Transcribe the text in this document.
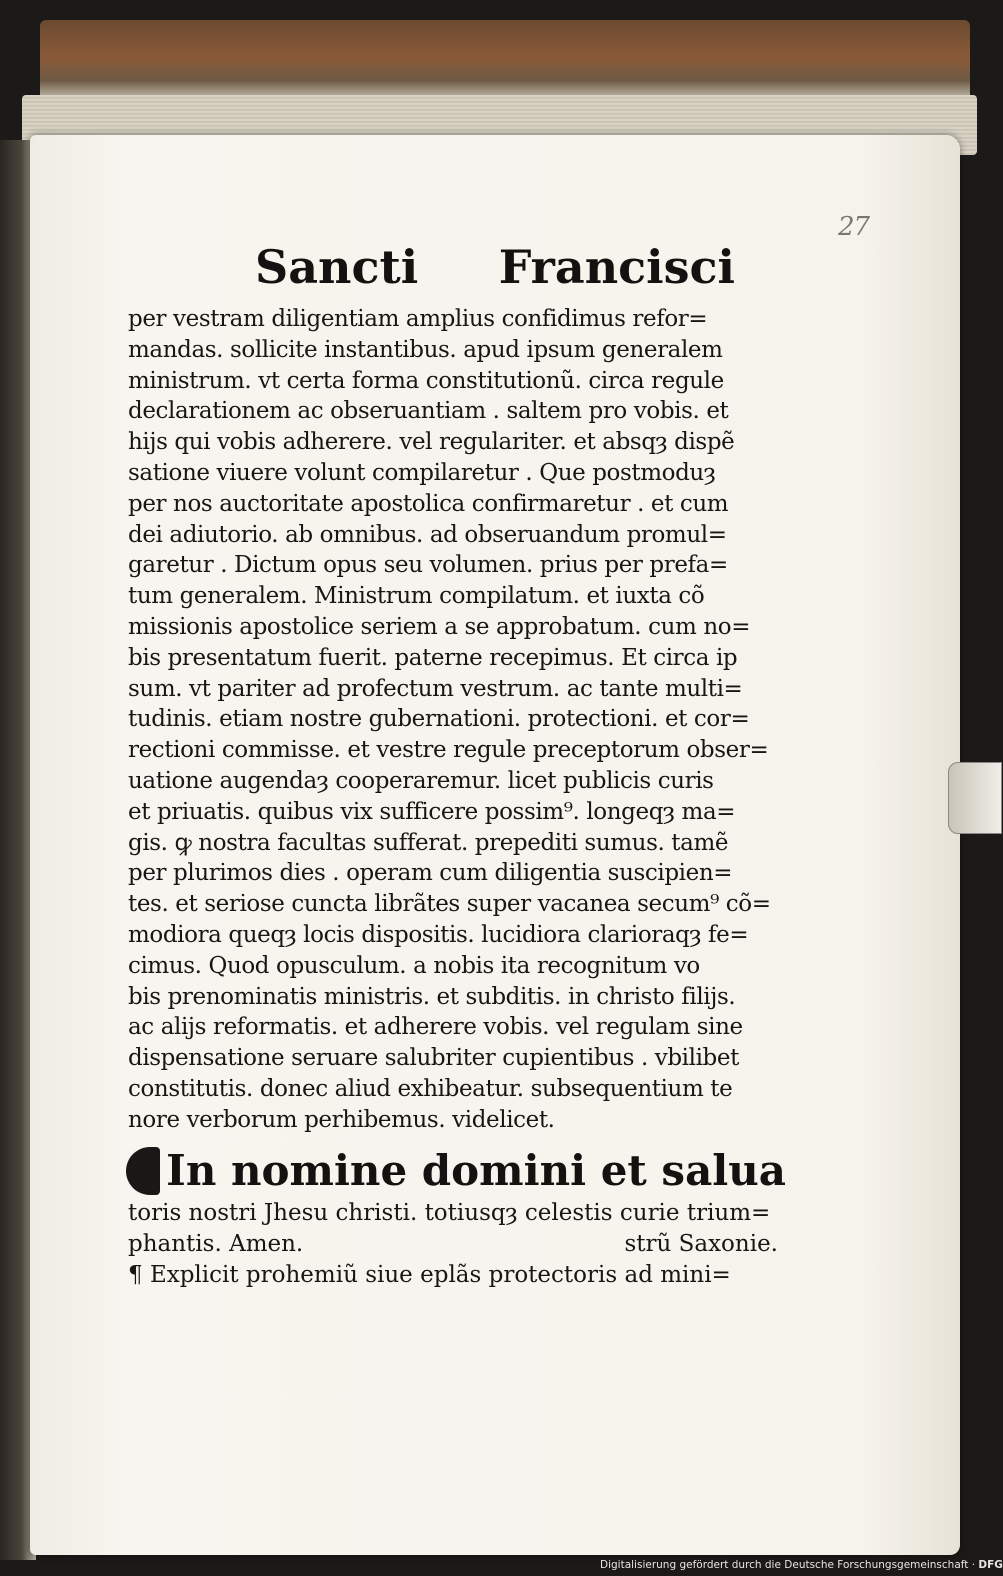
27
Sancti Francisci
per vestram diligentiam amplius confidimus refor=
mandas. sollicite instantibus. apud ipsum generalem
ministrum. vt certa forma constitutionũ. circa regule
declarationem ac obseruantiam . saltem pro vobis. et
hijs qui vobis adherere. vel regulariter. et absqȝ dispẽ
satione viuere volunt compilaretur . Que postmoduȝ
per nos auctoritate apostolica confirmaretur . et cum
dei adiutorio. ab omnibus. ad obseruandum promul=
garetur . Dictum opus seu volumen. prius per prefa=
tum generalem. Ministrum compilatum. et iuxta cõ
missionis apostolice seriem a se approbatum. cum no=
bis presentatum fuerit. paterne recepimus. Et circa ip
sum. vt pariter ad profectum vestrum. ac tante multi=
tudinis. etiam nostre gubernationi. protectioni. et cor=
rectioni commisse. et vestre regule preceptorum obser=
uatione augendaȝ cooperaremur. licet publicis curis
et priuatis. quibus vix sufficere possim⁹. longeqȝ ma=
gis. ꝙ nostra facultas sufferat. prepediti sumus. tamẽ
per plurimos dies . operam cum diligentia suscipien=
tes. et seriose cuncta librãtes super vacanea secum⁹ cõ=
modiora queqȝ locis dispositis. lucidiora clarioraqȝ fe=
cimus. Quod opusculum. a nobis ita recognitum vo
bis prenominatis ministris. et subditis. in christo filijs.
ac alijs reformatis. et adherere vobis. vel regulam sine
dispensatione seruare salubriter cupientibus . vbilibet
constitutis. donec aliud exhibeatur. subsequentium te
nore verborum perhibemus. videlicet.
In nomine domini et salua
toris nostri Jhesu christi. totiusqȝ celestis curie trium=
phantis. Amen.	strũ Saxonie.
¶ Explicit prohemiũ siue eplãs protectoris ad mini=
Digitalisierung gefördert durch die Deutsche Forschungsgemeinschaft · DFG
